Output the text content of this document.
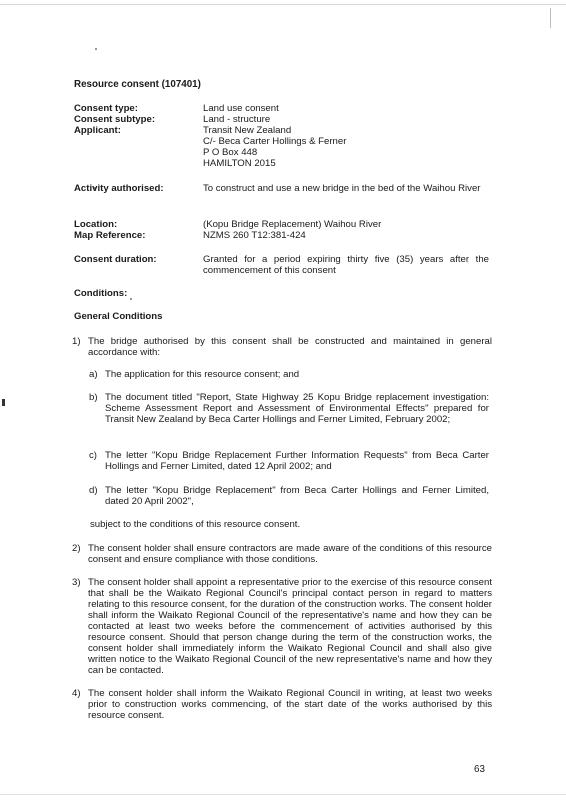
Resource consent (107401)
Consent type:
Consent subtype:
Applicant:
Land use consent
Land - structure
Transit New Zealand
C/- Beca Carter Hollings & Ferner
P O Box 448
HAMILTON 2015
Activity authorised:	To construct and use a new bridge in the bed of the Waihou River
Location:
Map Reference:
(Kopu Bridge Replacement) Waihou River
NZMS 260 T12:381-424
Consent duration:	Granted for a period expiring thirty five (35) years after the commencement of this consent
Conditions:
General Conditions
1) The bridge authorised by this consent shall be constructed and maintained in general accordance with:
a) The application for this resource consent; and
b) The document titled "Report, State Highway 25 Kopu Bridge replacement investigation: Scheme Assessment Report and Assessment of Environmental Effects" prepared for Transit New Zealand by Beca Carter Hollings and Ferner Limited, February 2002;
c) The letter "Kopu Bridge Replacement Further Information Requests" from Beca Carter Hollings and Ferner Limited, dated 12 April 2002; and
d) The letter "Kopu Bridge Replacement" from Beca Carter Hollings and Ferner Limited, dated 20 April 2002",
subject to the conditions of this resource consent.
2) The consent holder shall ensure contractors are made aware of the conditions of this resource consent and ensure compliance with those conditions.
3) The consent holder shall appoint a representative prior to the exercise of this resource consent that shall be the Waikato Regional Council's principal contact person in regard to matters relating to this resource consent, for the duration of the construction works. The consent holder shall inform the Waikato Regional Council of the representative's name and how they can be contacted at least two weeks before the commencement of activities authorised by this resource consent. Should that person change during the term of the construction works, the consent holder shall immediately inform the Waikato Regional Council and shall also give written notice to the Waikato Regional Council of the new representative's name and how they can be contacted.
4) The consent holder shall inform the Waikato Regional Council in writing, at least two weeks prior to construction works commencing, of the start date of the works authorised by this resource consent.
63
